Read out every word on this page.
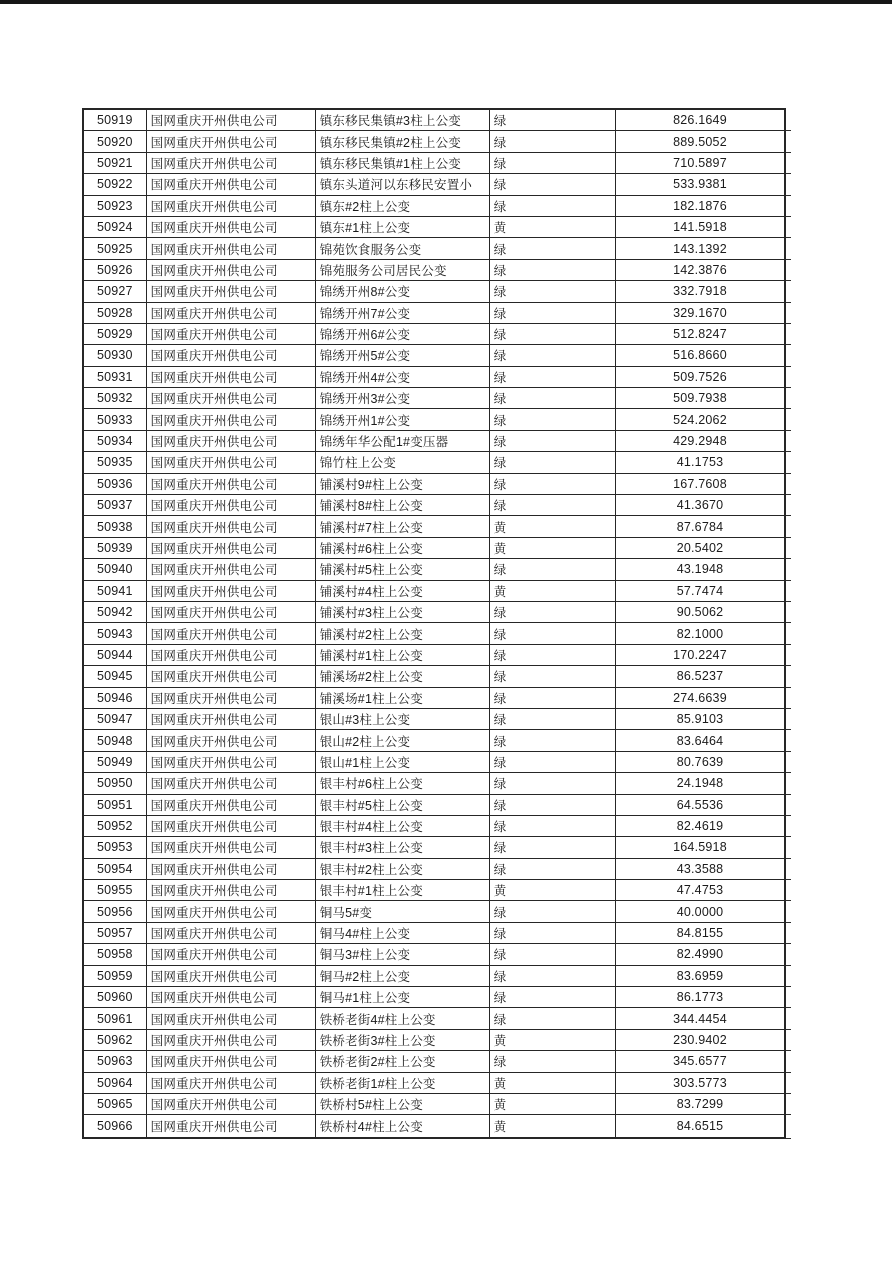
50919	国网重庆开州供电公司	镇东移民集镇#3柱上公变	绿	826.1649
50920	国网重庆开州供电公司	镇东移民集镇#2柱上公变	绿	889.5052
50921	国网重庆开州供电公司	镇东移民集镇#1柱上公变	绿	710.5897
50922	国网重庆开州供电公司	镇东头道河以东移民安置小	绿	533.9381
50923	国网重庆开州供电公司	镇东#2柱上公变	绿	182.1876
50924	国网重庆开州供电公司	镇东#1柱上公变	黄	141.5918
50925	国网重庆开州供电公司	锦苑饮食服务公变	绿	143.1392
50926	国网重庆开州供电公司	锦苑服务公司居民公变	绿	142.3876
50927	国网重庆开州供电公司	锦绣开州8#公变	绿	332.7918
50928	国网重庆开州供电公司	锦绣开州7#公变	绿	329.1670
50929	国网重庆开州供电公司	锦绣开州6#公变	绿	512.8247
50930	国网重庆开州供电公司	锦绣开州5#公变	绿	516.8660
50931	国网重庆开州供电公司	锦绣开州4#公变	绿	509.7526
50932	国网重庆开州供电公司	锦绣开州3#公变	绿	509.7938
50933	国网重庆开州供电公司	锦绣开州1#公变	绿	524.2062
50934	国网重庆开州供电公司	锦绣年华公配1#变压器	绿	429.2948
50935	国网重庆开州供电公司	锦竹柱上公变	绿	41.1753
50936	国网重庆开州供电公司	铺溪村9#柱上公变	绿	167.7608
50937	国网重庆开州供电公司	铺溪村8#柱上公变	绿	41.3670
50938	国网重庆开州供电公司	铺溪村#7柱上公变	黄	87.6784
50939	国网重庆开州供电公司	铺溪村#6柱上公变	黄	20.5402
50940	国网重庆开州供电公司	铺溪村#5柱上公变	绿	43.1948
50941	国网重庆开州供电公司	铺溪村#4柱上公变	黄	57.7474
50942	国网重庆开州供电公司	铺溪村#3柱上公变	绿	90.5062
50943	国网重庆开州供电公司	铺溪村#2柱上公变	绿	82.1000
50944	国网重庆开州供电公司	铺溪村#1柱上公变	绿	170.2247
50945	国网重庆开州供电公司	铺溪场#2柱上公变	绿	86.5237
50946	国网重庆开州供电公司	铺溪场#1柱上公变	绿	274.6639
50947	国网重庆开州供电公司	银山#3柱上公变	绿	85.9103
50948	国网重庆开州供电公司	银山#2柱上公变	绿	83.6464
50949	国网重庆开州供电公司	银山#1柱上公变	绿	80.7639
50950	国网重庆开州供电公司	银丰村#6柱上公变	绿	24.1948
50951	国网重庆开州供电公司	银丰村#5柱上公变	绿	64.5536
50952	国网重庆开州供电公司	银丰村#4柱上公变	绿	82.4619
50953	国网重庆开州供电公司	银丰村#3柱上公变	绿	164.5918
50954	国网重庆开州供电公司	银丰村#2柱上公变	绿	43.3588
50955	国网重庆开州供电公司	银丰村#1柱上公变	黄	47.4753
50956	国网重庆开州供电公司	铜马5#变	绿	40.0000
50957	国网重庆开州供电公司	铜马4#柱上公变	绿	84.8155
50958	国网重庆开州供电公司	铜马3#柱上公变	绿	82.4990
50959	国网重庆开州供电公司	铜马#2柱上公变	绿	83.6959
50960	国网重庆开州供电公司	铜马#1柱上公变	绿	86.1773
50961	国网重庆开州供电公司	铁桥老街4#柱上公变	绿	344.4454
50962	国网重庆开州供电公司	铁桥老街3#柱上公变	黄	230.9402
50963	国网重庆开州供电公司	铁桥老街2#柱上公变	绿	345.6577
50964	国网重庆开州供电公司	铁桥老街1#柱上公变	黄	303.5773
50965	国网重庆开州供电公司	铁桥村5#柱上公变	黄	83.7299
50966	国网重庆开州供电公司	铁桥村4#柱上公变	黄	84.6515
